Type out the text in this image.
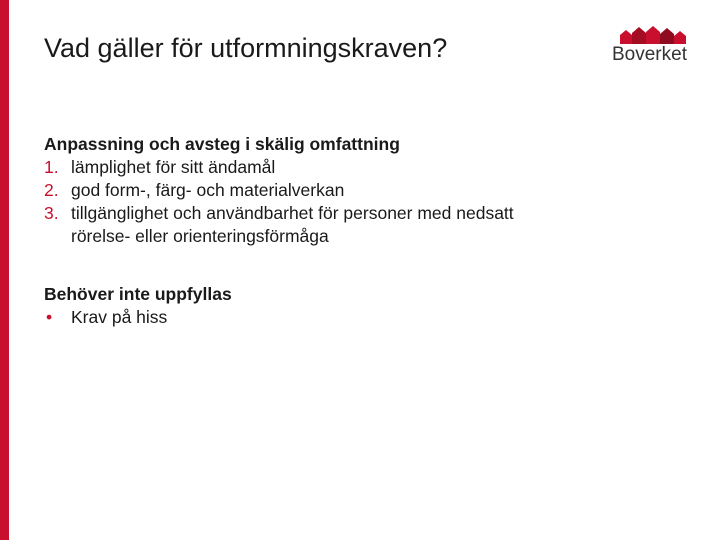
Vad gäller för utformningskraven?	Boverket
Anpassning och avsteg i skälig omfattning
1. lämplighet för sitt ändamål
2. god form-, färg- och materialverkan
3. tillgänglighet och användbarhet för personer med nedsatt rörelse- eller orienteringsförmåga
Behöver inte uppfyllas
• Krav på hiss
